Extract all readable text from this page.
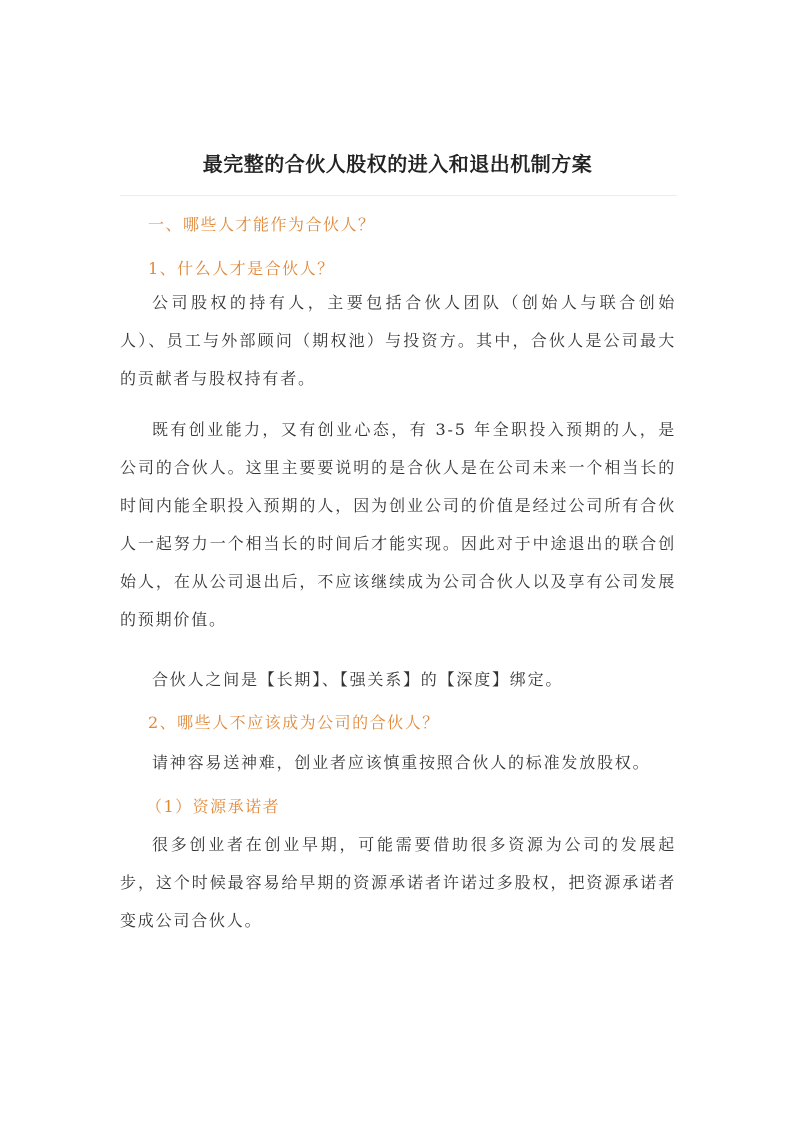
最完整的合伙人股权的进入和退出机制方案
一、哪些人才能作为合伙人？
1、什么人才是合伙人？
公司股权的持有人，主要包括合伙人团队（创始人与联合创始人）、员工与外部顾问（期权池）与投资方。其中，合伙人是公司最大的贡献者与股权持有者。
既有创业能力，又有创业心态，有 3-5 年全职投入预期的人，是公司的合伙人。这里主要要说明的是合伙人是在公司未来一个相当长的时间内能全职投入预期的人，因为创业公司的价值是经过公司所有合伙人一起努力一个相当长的时间后才能实现。因此对于中途退出的联合创始人，在从公司退出后，不应该继续成为公司合伙人以及享有公司发展的预期价值。
合伙人之间是【长期】、【强关系】的【深度】绑定。
2、哪些人不应该成为公司的合伙人？
请神容易送神难，创业者应该慎重按照合伙人的标准发放股权。
（1）资源承诺者
很多创业者在创业早期，可能需要借助很多资源为公司的发展起步，这个时候最容易给早期的资源承诺者许诺过多股权，把资源承诺者变成公司合伙人。
